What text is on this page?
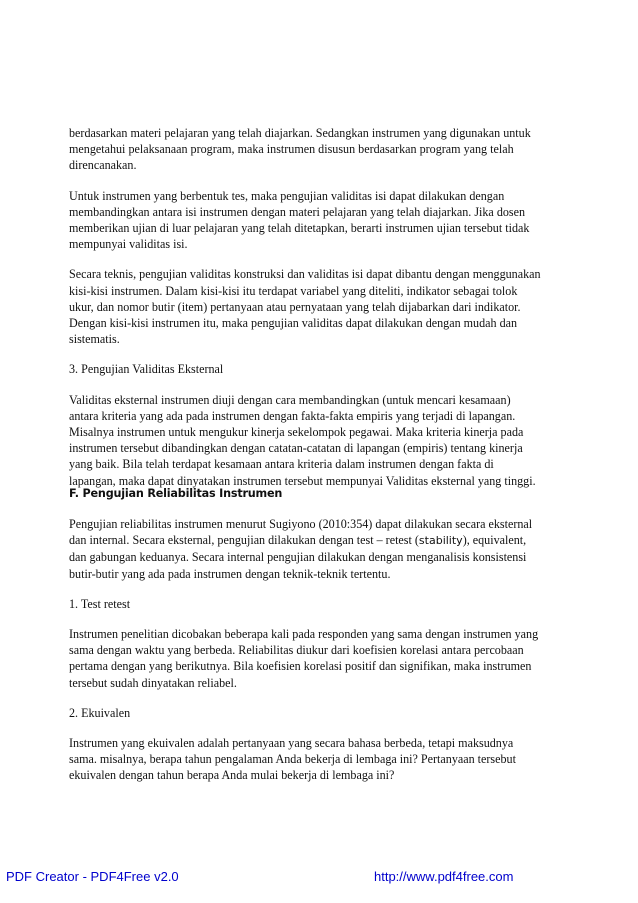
berdasarkan materi pelajaran yang telah diajarkan. Sedangkan instrumen yang digunakan untuk
mengetahui pelaksanaan program, maka instrumen disusun berdasarkan program yang telah
direncanakan.

Untuk instrumen yang berbentuk tes, maka pengujian validitas isi dapat dilakukan dengan
membandingkan antara isi instrumen dengan materi pelajaran yang telah diajarkan. Jika dosen
memberikan ujian di luar pelajaran yang telah ditetapkan, berarti instrumen ujian tersebut tidak
mempunyai validitas isi.

Secara teknis, pengujian validitas konstruksi dan validitas isi dapat dibantu dengan menggunakan
kisi-kisi instrumen. Dalam kisi-kisi itu terdapat variabel yang diteliti, indikator sebagai tolok
ukur, dan nomor butir (item) pertanyaan atau pernyataan yang telah dijabarkan dari indikator.
Dengan kisi-kisi instrumen itu, maka pengujian validitas dapat dilakukan dengan mudah dan
sistematis.

3. Pengujian Validitas Eksternal

Validitas eksternal instrumen diuji dengan cara membandingkan (untuk mencari kesamaan)
antara kriteria yang ada pada instrumen dengan fakta-fakta empiris yang terjadi di lapangan.
Misalnya instrumen untuk mengukur kinerja sekelompok pegawai. Maka kriteria kinerja pada
instrumen tersebut dibandingkan dengan catatan-catatan di lapangan (empiris) tentang kinerja
yang baik. Bila telah terdapat kesamaan antara kriteria dalam instrumen dengan fakta di
lapangan, maka dapat dinyatakan instrumen tersebut mempunyai Validitas eksternal yang tinggi.

F. Pengujian Reliabilitas Instrumen

Pengujian reliabilitas instrumen menurut Sugiyono (2010:354) dapat dilakukan secara eksternal
dan internal. Secara eksternal, pengujian dilakukan dengan test – retest (stability), equivalent,
dan gabungan keduanya. Secara internal pengujian dilakukan dengan menganalisis konsistensi
butir-butir yang ada pada instrumen dengan teknik-teknik tertentu.

1. Test retest

Instrumen penelitian dicobakan beberapa kali pada responden yang sama dengan instrumen yang
sama dengan waktu yang berbeda. Reliabilitas diukur dari koefisien korelasi antara percobaan
pertama dengan yang berikutnya. Bila koefisien korelasi positif dan signifikan, maka instrumen
tersebut sudah dinyatakan reliabel.

2. Ekuivalen

Instrumen yang ekuivalen adalah pertanyaan yang secara bahasa berbeda, tetapi maksudnya
sama. misalnya, berapa tahun pengalaman Anda bekerja di lembaga ini? Pertanyaan tersebut
ekuivalen dengan tahun berapa Anda mulai bekerja di lembaga ini?

PDF Creator - PDF4Free v2.0	http://www.pdf4free.com
